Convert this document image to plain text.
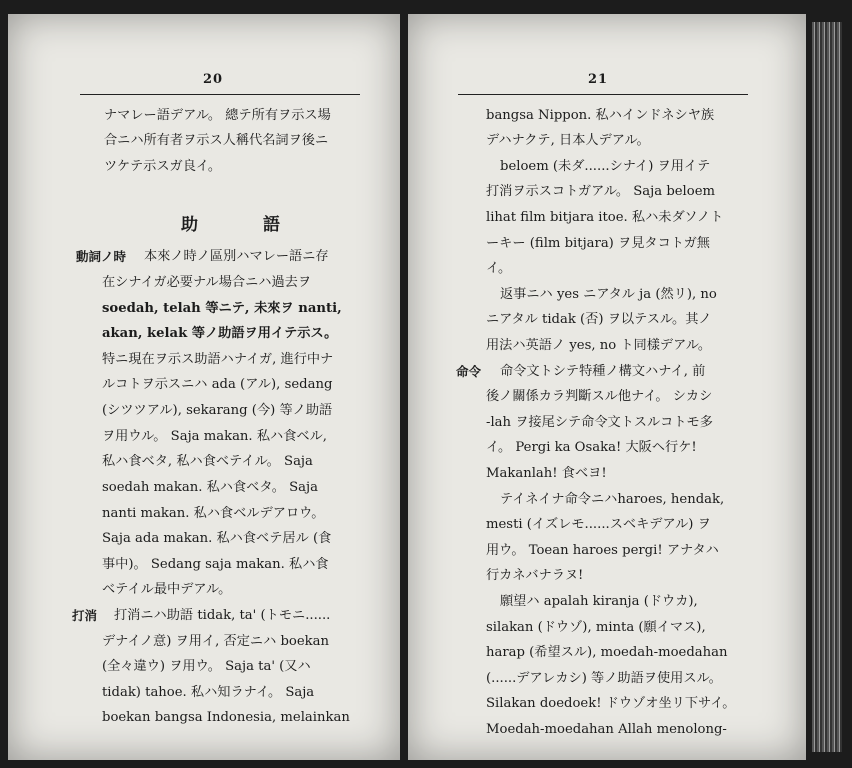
20
ナマレー語デアル。 總テ所有ヲ示ス場
合ニハ所有者ヲ示ス人稱代名詞ヲ後ニ
ツケテ示スガ良イ。
助　語
動詞ノ時 本來ノ時ノ區別ハマレー語ニ存
在シナイガ必要ナル場合ニハ過去ヲ
soedah, telah 等ニテ, 未來ヲ nanti,
akan, kelak 等ノ助語ヲ用イテ示ス。
特ニ現在ヲ示ス助語ハナイガ, 進行中ナ
ルコトヲ示スニハ ada (アル), sedang
(シツツアル), sekarang (今) 等ノ助語
ヲ用ウル。 Saja makan. 私ハ食ベル,
私ハ食ベタ, 私ハ食ベテイル。 Saja
soedah makan. 私ハ食ベタ。 Saja
nanti makan. 私ハ食ベルデアロウ。
Saja ada makan. 私ハ食ベテ居ル (食
事中)。 Sedang saja makan. 私ハ食
ベテイル最中デアル。
打消 打消ニハ助語 tidak, ta' (トモニ......
デナイノ意) ヲ用イ, 否定ニハ boekan
(全々違ウ) ヲ用ウ。 Saja ta' (又ハ
tidak) tahoe. 私ハ知ラナイ。 Saja
boekan bangsa Indonesia, melainkan
21
bangsa Nippon. 私ハインドネシヤ族
デハナクテ, 日本人デアル。
beloem (未ダ......シナイ) ヲ用イテ
打消ヲ示スコトガアル。 Saja beloem
lihat film bitjara itoe. 私ハ未ダソノト
ーキー (film bitjara) ヲ見タコトガ無
イ。
返事ニハ yes ニアタル ja (然リ), no
ニアタル tidak (否) ヲ以テスル。其ノ
用法ハ英語ノ yes, no ト同樣デアル。
命令 命令文トシテ特種ノ構文ハナイ, 前
後ノ關係カラ判斷スル他ナイ。 シカシ
-lah ヲ接尾シテ命令文トスルコトモ多
イ。 Pergi ka Osaka! 大阪ヘ行ケ!
Makanlah! 食ベヨ!
テイネイナ命令ニハharoes, hendak,
mesti (イズレモ......スベキデアル) ヲ
用ウ。 Toean haroes pergi! アナタハ
行カネバナラヌ!
願望ハ apalah kiranja (ドウカ),
silakan (ドウゾ), minta (願イマス),
harap (希望スル), moedah-moedahan
(......デアレカシ) 等ノ助語ヲ使用スル。
Silakan doedoek! ドウゾオ坐リ下サイ。
Moedah-moedahan Allah menolong-
